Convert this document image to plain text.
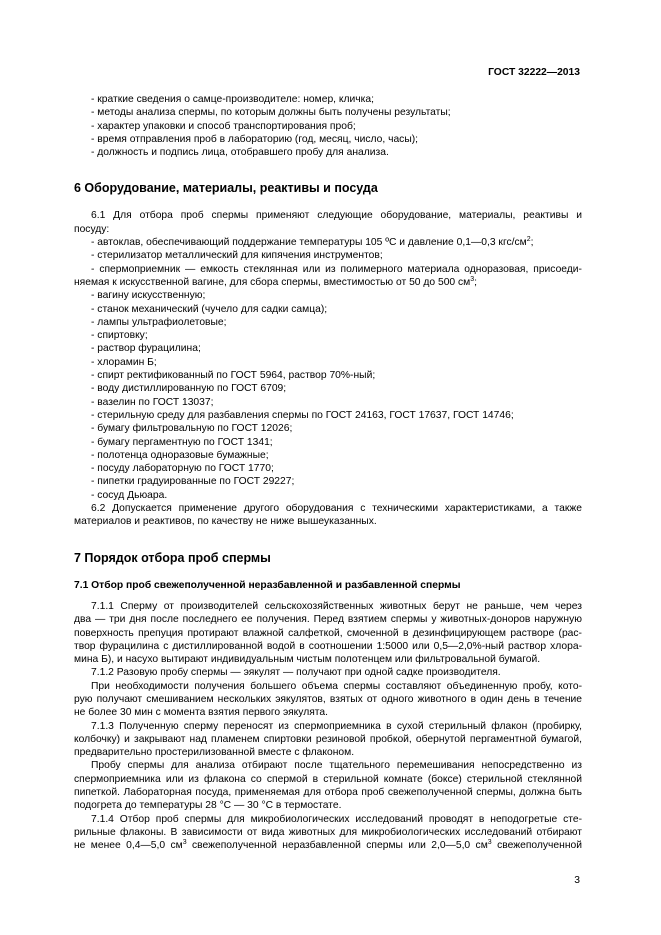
ГОСТ 32222—2013
- краткие сведения о самце-производителе: номер, кличка;
- методы анализа спермы, по которым должны быть получены результаты;
- характер упаковки и способ транспортирования проб;
- время отправления проб в лабораторию (год, месяц, число, часы);
- должность и подпись лица, отобравшего пробу для анализа.
6 Оборудование, материалы, реактивы и посуда
6.1 Для отбора проб спермы применяют следующие оборудование, материалы, реактивы и
посуду:
- автоклав, обеспечивающий поддержание температуры 105 ºС и давление 0,1—0,3 кгс/$см^2$;
- стерилизатор металлический для кипячения инструментов;
- спермоприемник — емкость стеклянная или из полимерного материала одноразовая, присоеди-
няемая к искусственной вагине, для сбора спермы, вместимостью от 50 до 500 $см^3$;
- вагину искусственную;
- станок механический (чучело для садки самца);
- лампы ультрафиолетовые;
- спиртовку;
- раствор фурацилина;
- хлорамин Б;
- спирт ректификованный по ГОСТ 5964, раствор 70%-ный;
- воду дистиллированную по ГОСТ 6709;
- вазелин по ГОСТ 13037;
- стерильную среду для разбавления спермы по ГОСТ 24163, ГОСТ 17637, ГОСТ 14746;
- бумагу фильтровальную по ГОСТ 12026;
- бумагу пергаментную по ГОСТ 1341;
- полотенца одноразовые бумажные;
- посуду лабораторную по ГОСТ 1770;
- пипетки градуированные по ГОСТ 29227;
- сосуд Дьюара.
6.2 Допускается применение другого оборудования с техническими характеристиками, а также
материалов и реактивов, по качеству не ниже вышеуказанных.
7 Порядок отбора проб спермы
7.1 Отбор проб свежеполученной неразбавленной и разбавленной спермы
7.1.1 Сперму от производителей сельскохозяйственных животных берут не раньше, чем через
два — три дня после последнего ее получения. Перед взятием спермы у животных-доноров наружную
поверхность препуция протирают влажной салфеткой, смоченной в дезинфицирующем растворе (рас-
твор фурацилина с дистиллированной водой в соотношении 1:5000 или 0,5—2,0%-ный раствор хлора-
мина Б), и насухо вытирают индивидуальным чистым полотенцем или фильтровальной бумагой.
7.1.2 Разовую пробу спермы — эякулят — получают при одной садке производителя.
При необходимости получения большего объема спермы составляют объединенную пробу, кото-
рую получают смешиванием нескольких эякулятов, взятых от одного животного в один день в течение
не более 30 мин с момента взятия первого эякулята.
7.1.3 Полученную сперму переносят из спермоприемника в сухой стерильный флакон (пробирку,
колбочку) и закрывают над пламенем спиртовки резиновой пробкой, обернутой пергаментной бумагой,
предварительно простерилизованной вместе с флаконом.
Пробу спермы для анализа отбирают после тщательного перемешивания непосредственно из
спермоприемника или из флакона со спермой в стерильной комнате (боксе) стерильной стеклянной
пипеткой. Лабораторная посуда, применяемая для отбора проб свежеполученной спермы, должна быть
подогрета до температуры 28 °С — 30 °С в термостате.
7.1.4 Отбор проб спермы для микробиологических исследований проводят в неподогретые сте-
рильные флаконы. В зависимости от вида животных для микробиологических исследований отбирают
не менее 0,4—5,0 $см^3$ свежеполученной неразбавленной спермы или 2,0—5,0 $см^3$ свежеполученной
3
